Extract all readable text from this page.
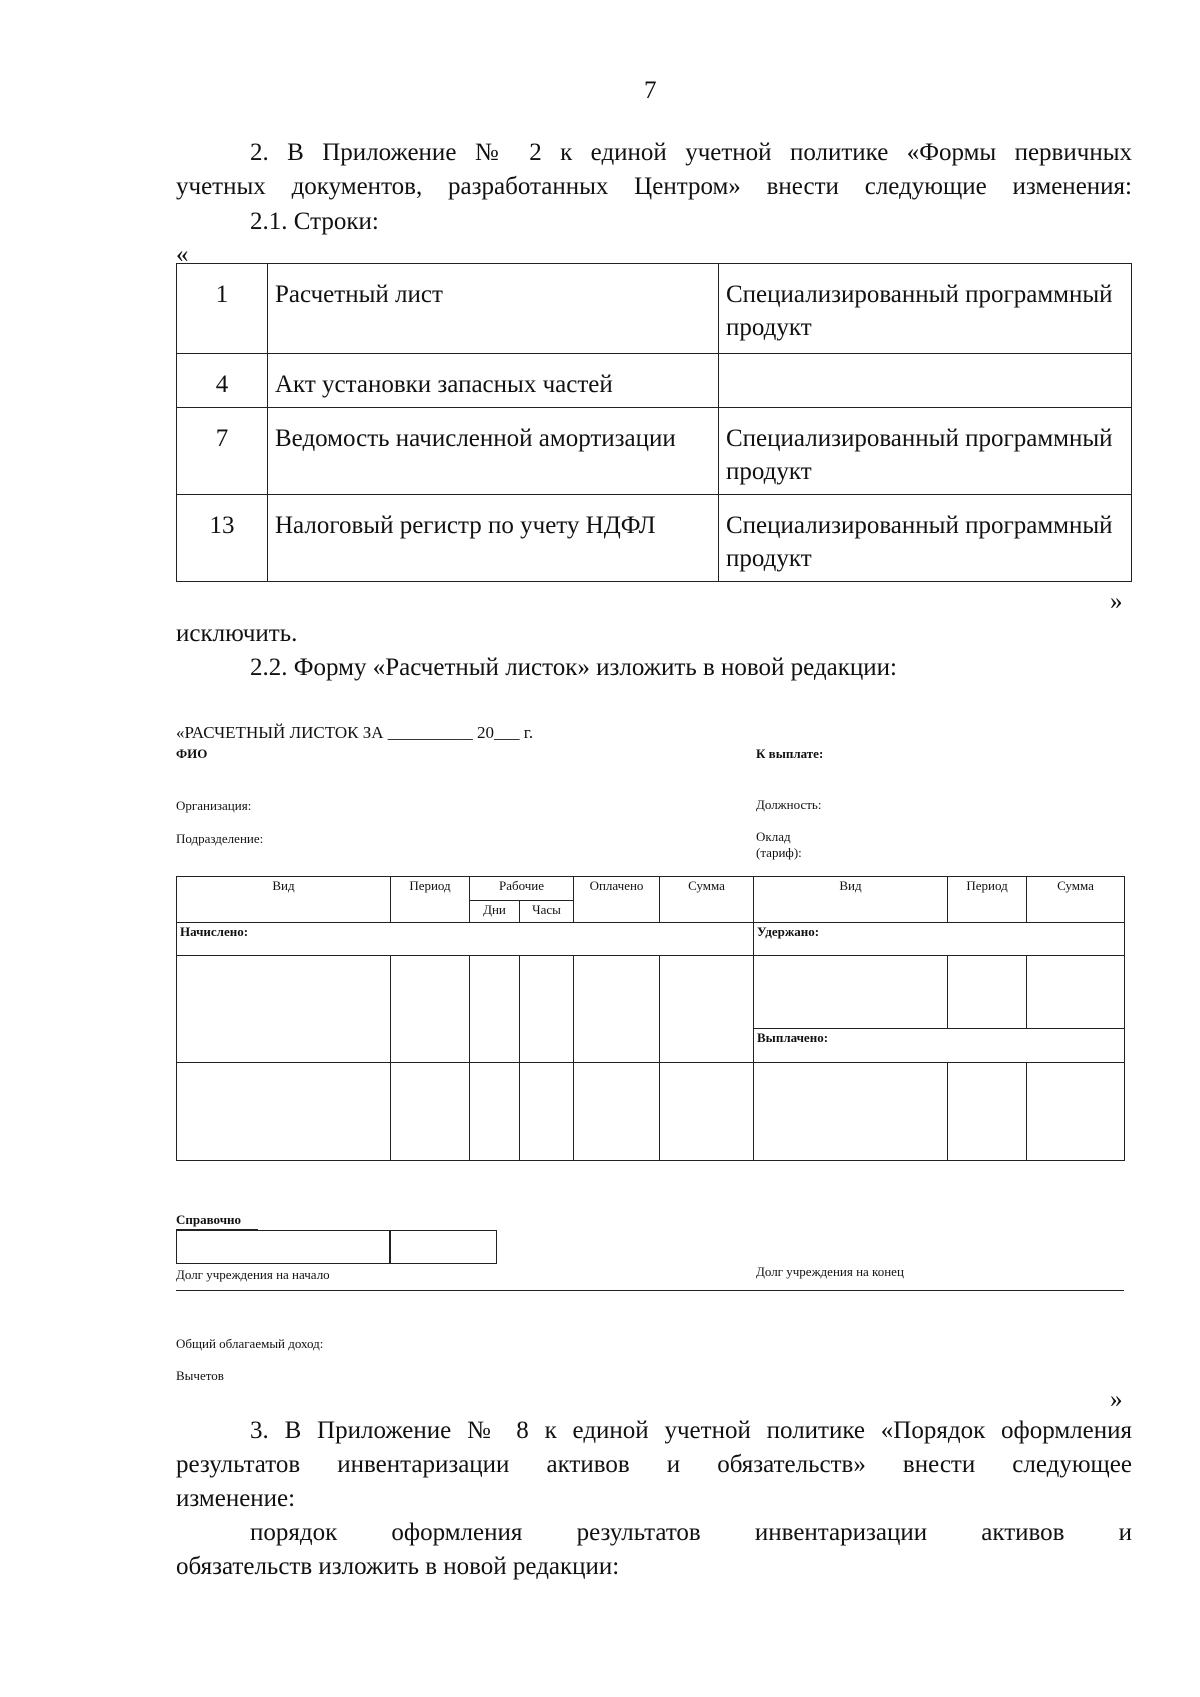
7
2. В Приложение № 2 к единой учетной политике «Формы первичных
учетных документов, разработанных Центром» внести следующие изменения:
2.1. Строки:
«
1	Расчетный лист	Специализированный программный продукт
4	Акт установки запасных частей	
7	Ведомость начисленной амортизации	Специализированный программный продукт
13	Налоговый регистр по учету НДФЛ	Специализированный программный продукт
»
исключить.
2.2. Форму «Расчетный листок» изложить в новой редакции:
«РАСЧЕТНЫЙ ЛИСТОК ЗА __________ 20___ г.
ФИО	К выплате:
Организация:	Должность:
Подразделение:	Оклад
(тариф):
Вид	Период	Рабочие		Оплачено	Сумма	Вид	Период	Сумма
		Дни	Часы					
Начислено:						Удержано:		

						Выплачено:		

Справочно
Долг учреждения на начало	Долг учреждения на конец
Общий облагаемый доход:
Вычетов
»
3. В Приложение № 8 к единой учетной политике «Порядок оформления
результатов инвентаризации активов и обязательств» внести следующее
изменение:
порядок оформления результатов инвентаризации активов и
обязательств изложить в новой редакции:
